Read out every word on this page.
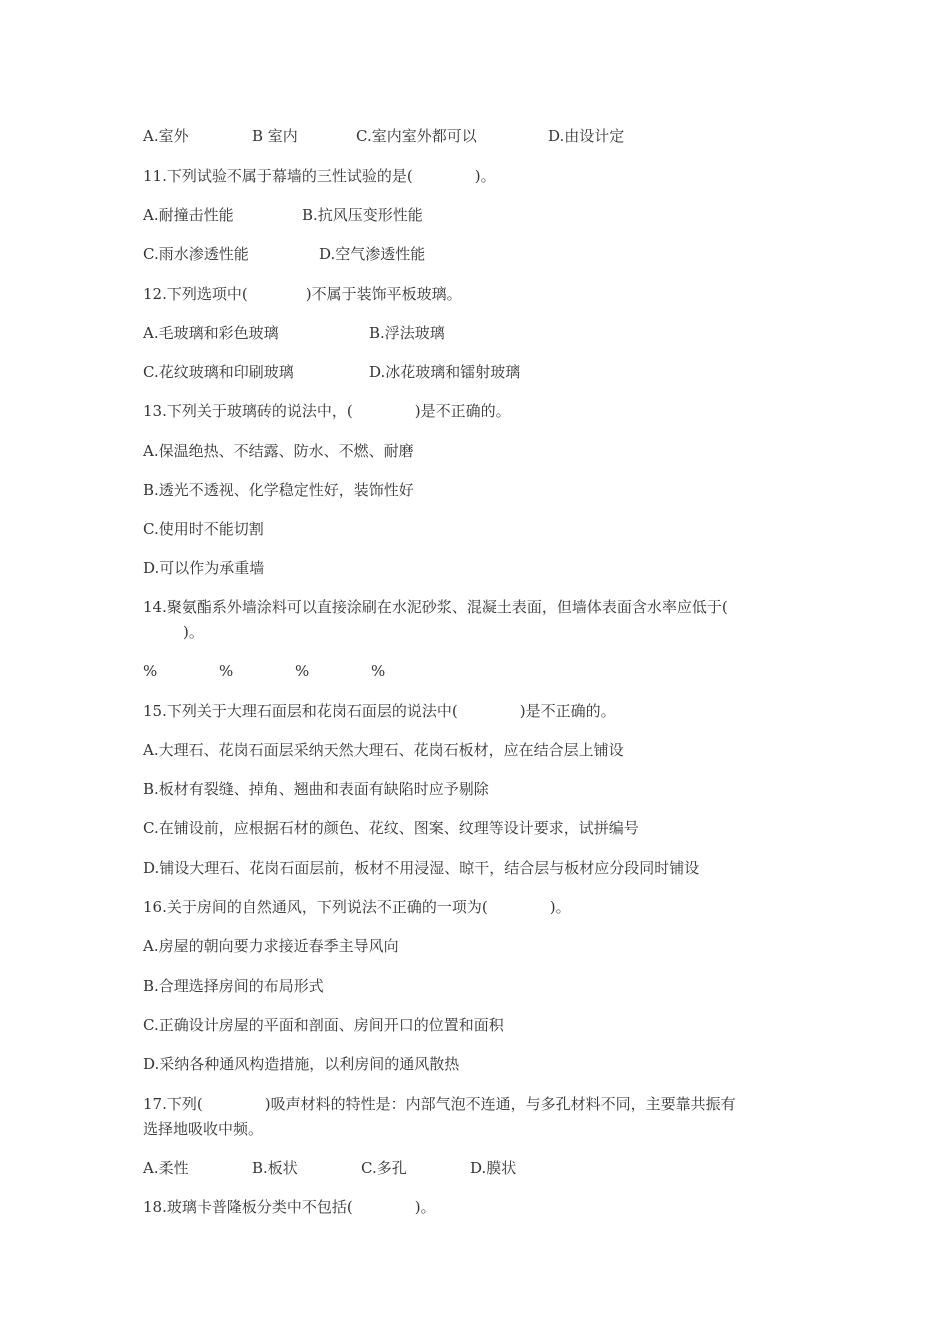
A.室外	B 室内	C.室内室外都可以	D.由设计定
11.下列试验不属于幕墙的三性试验的是(	)。
A.耐撞击性能	B.抗风压变形性能
C.雨水渗透性能	D.空气渗透性能
12.下列选项中(	)不属于装饰平板玻璃。
A.毛玻璃和彩色玻璃	B.浮法玻璃
C.花纹玻璃和印刷玻璃	D.冰花玻璃和镭射玻璃
13.下列关于玻璃砖的说法中，(	)是不正确的。
A.保温绝热、不结露、防水、不燃、耐磨
B.透光不透视、化学稳定性好，装饰性好
C.使用时不能切割
D.可以作为承重墙
14.聚氨酯系外墙涂料可以直接涂刷在水泥砂浆、混凝土表面，但墙体表面含水率应低于(
)。
%	%	%	%
15.下列关于大理石面层和花岗石面层的说法中(	)是不正确的。
A.大理石、花岗石面层采纳天然大理石、花岗石板材，应在结合层上铺设
B.板材有裂缝、掉角、翘曲和表面有缺陷时应予剔除
C.在铺设前，应根据石材的颜色、花纹、图案、纹理等设计要求，试拼编号
D.铺设大理石、花岗石面层前，板材不用浸湿、晾干，结合层与板材应分段同时铺设
16.关于房间的自然通风，下列说法不正确的一项为(	)。
A.房屋的朝向要力求接近春季主导风向
B.合理选择房间的布局形式
C.正确设计房屋的平面和剖面、房间开口的位置和面积
D.采纳各种通风构造措施，以利房间的通风散热
17.下列(	)吸声材料的特性是：内部气泡不连通，与多孔材料不同，主要靠共振有
选择地吸收中频。
A.柔性	B.板状	C.多孔	D.膜状
18.玻璃卡普隆板分类中不包括(	)。
